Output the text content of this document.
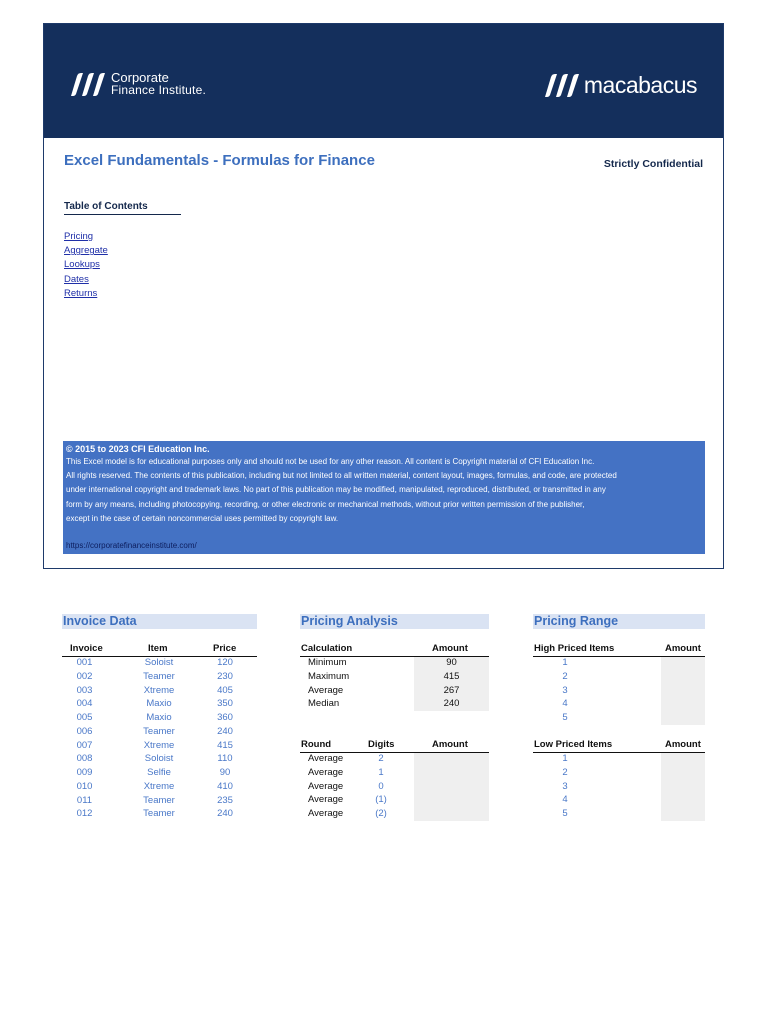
Corporate
Finance Institute.	macabacus
Excel Fundamentals - Formulas for Finance	Strictly Confidential
Table of Contents
Pricing
Aggregate
Lookups
Dates
Returns
© 2015 to 2023 CFI Education Inc.

This Excel model is for educational purposes only and should not be used for any other reason. All content is Copyright material of CFI Education Inc.

All rights reserved. The contents of this publication, including but not limited to all written material, content layout, images, formulas, and code, are protected

under international copyright and trademark laws. No part of this publication may be modified, manipulated, reproduced, distributed, or transmitted in any

form by any means, including photocopying, recording, or other electronic or mechanical methods, without prior written permission of the publisher,

except in the case of certain noncommercial uses permitted by copyright law.

https://corporatefinanceinstitute.com/
Invoice Data
Invoice	Item	Price
001	Soloist	120
002	Teamer	230
003	Xtreme	405
004	Maxio	350
005	Maxio	360
006	Teamer	240
007	Xtreme	415
008	Soloist	110
009	Selfie	90
010	Xtreme	410
011	Teamer	235
012	Teamer	240
Pricing Analysis
Calculation	Amount
Minimum	90
Maximum	415
Average	267
Median	240
Round	Digits	Amount
Average	2
Average	1
Average	0
Average	(1)
Average	(2)
Pricing Range
High Priced Items	Amount
1
2
3
4
5
Low Priced Items	Amount
1
2
3
4
5
